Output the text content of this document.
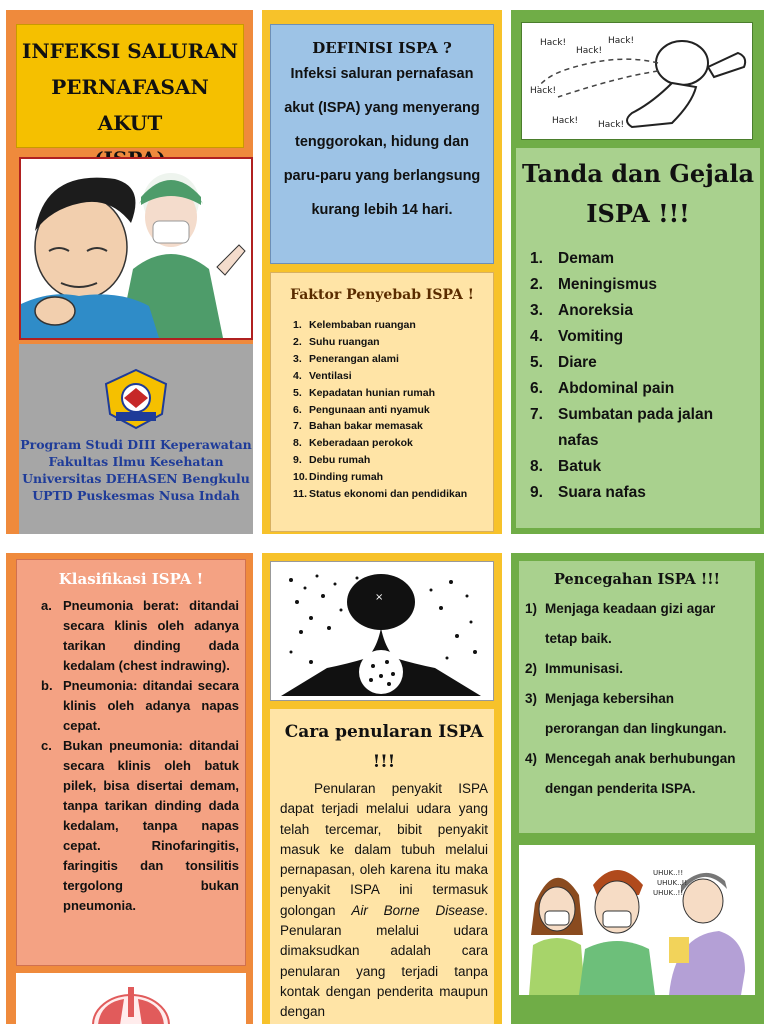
INFEKSI SALURAN
PERNAFASAN AKUT
Program Studi DIII Keperawatan
Fakultas Ilmu Kesehatan
Universitas DEHASEN Bengkulu
UPTD Puskesmas Nusa Indah
DEFINISI ISPA ?
Infeksi saluran pernafasan
akut (ISPA) yang menyerang
tenggorokan, hidung dan
paru-paru yang berlangsung
kurang lebih 14 hari.
Faktor Penyebab ISPA !
1. Kelembaban ruangan
2. Suhu ruangan
3. Penerangan alami
4. Ventilasi
5. Kepadatan hunian rumah
6. Pengunaan anti nyamuk
7. Bahan bakar memasak
8. Keberadaan perokok
9. Debu rumah
10.Dinding rumah
11. Status ekonomi dan pendidikan
Hack!
Hack!
Hack!
Hack!
Hack! Hack!
Tanda dan Gejala
ISPA !!!
1. Demam
2. Meningismus
3. Anoreksia
4. Vomiting
5. Diare
6. Abdominal pain
7. Sumbatan pada jalan nafas
8. Batuk
9. Suara nafas
Klasifikasi ISPA !
a. Pneumonia berat: ditandai secara klinis oleh adanya tarikan dinding dada kedalam (chest indrawing).
b. Pneumonia: ditandai secara klinis oleh adanya napas cepat.
c. Bukan pneumonia: ditandai secara klinis oleh batuk pilek, bisa disertai demam, tanpa tarikan dinding dada kedalam, tanpa napas cepat. Rinofaringitis, faringitis dan tonsilitis tergolong bukan pneumonia.
×
Cara penularan ISPA !!!
Penularan penyakit ISPA dapat terjadi melalui udara yang telah tercemar, bibit penyakit masuk ke dalam tubuh melalui pernapasan, oleh karena itu maka penyakit ISPA ini termasuk golongan Air Borne Disease. Penularan melalui udara dimaksudkan adalah cara penularan yang terjadi tanpa kontak dengan penderita maupun dengan
Pencegahan ISPA !!!
1) Menjaga keadaan gizi agar tetap baik.
2) Immunisasi.
3) Menjaga kebersihan perorangan dan lingkungan.
4) Mencegah anak berhubungan dengan penderita ISPA.
UHUK..!!
UHUK..!!
UHUK..!!
